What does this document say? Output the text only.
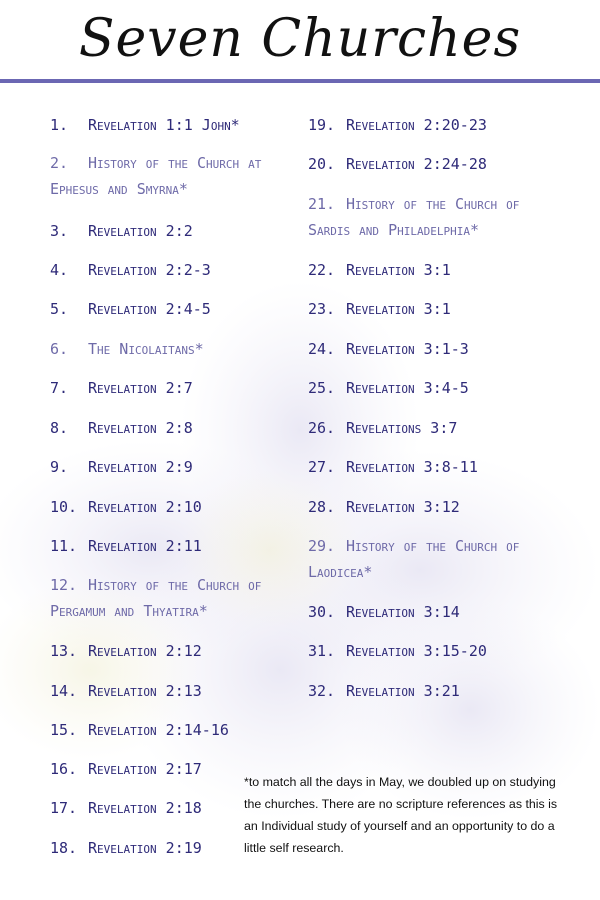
Seven Churches
1. Revelation 1:1 John*
2. History of the Church at Ephesus and Smyrna*
3. Revelation 2:2
4. Revelation 2:2-3
5. Revelation 2:4-5
6. The Nicolaitans*
7. Revelation 2:7
8. Revelation 2:8
9. Revelation 2:9
10. Revelation 2:10
11. Revelation 2:11
12. History of the Church of Pergamum and Thyatira*
13. Revelation 2:12
14. Revelation 2:13
15. Revelation 2:14-16
16. Revelation 2:17
17. Revelation 2:18
18. Revelation 2:19
19. Revelation 2:20-23
20. Revelation 2:24-28
21. History of the Church of Sardis and Philadelphia*
22. Revelation 3:1
23. Revelation 3:1
24. Revelation 3:1-3
25. Revelation 3:4-5
26. Revelations 3:7
27. Revelation 3:8-11
28. Revelation 3:12
29. History of the Church of Laodicea*
30. Revelation 3:14
31. Revelation 3:15-20
32. Revelation 3:21
*to match all the days in May, we doubled up on studying the churches. There are no scripture references as this is an Individual study of yourself and an opportunity to do a little self research.
